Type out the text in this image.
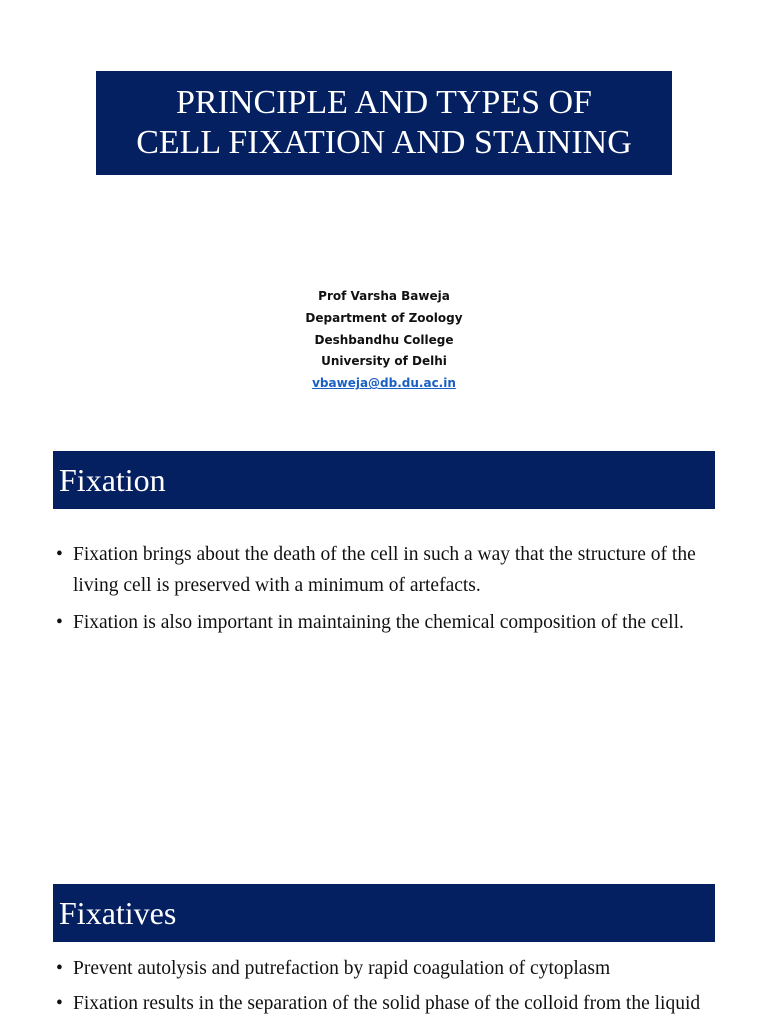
PRINCIPLE AND TYPES OF
CELL FIXATION AND STAINING
Prof Varsha Baweja
Department of Zoology
Deshbandhu College
University of Delhi
vbaweja@db.du.ac.in
Fixation
• Fixation brings about the death of the cell in such a way that the structure of the living cell is preserved with a minimum of artefacts.
• Fixation is also important in maintaining the chemical composition of the cell.
Fixatives
• Prevent autolysis and putrefaction by rapid coagulation of cytoplasm
• Fixation results in the separation of the solid phase of the colloid from the liquid
